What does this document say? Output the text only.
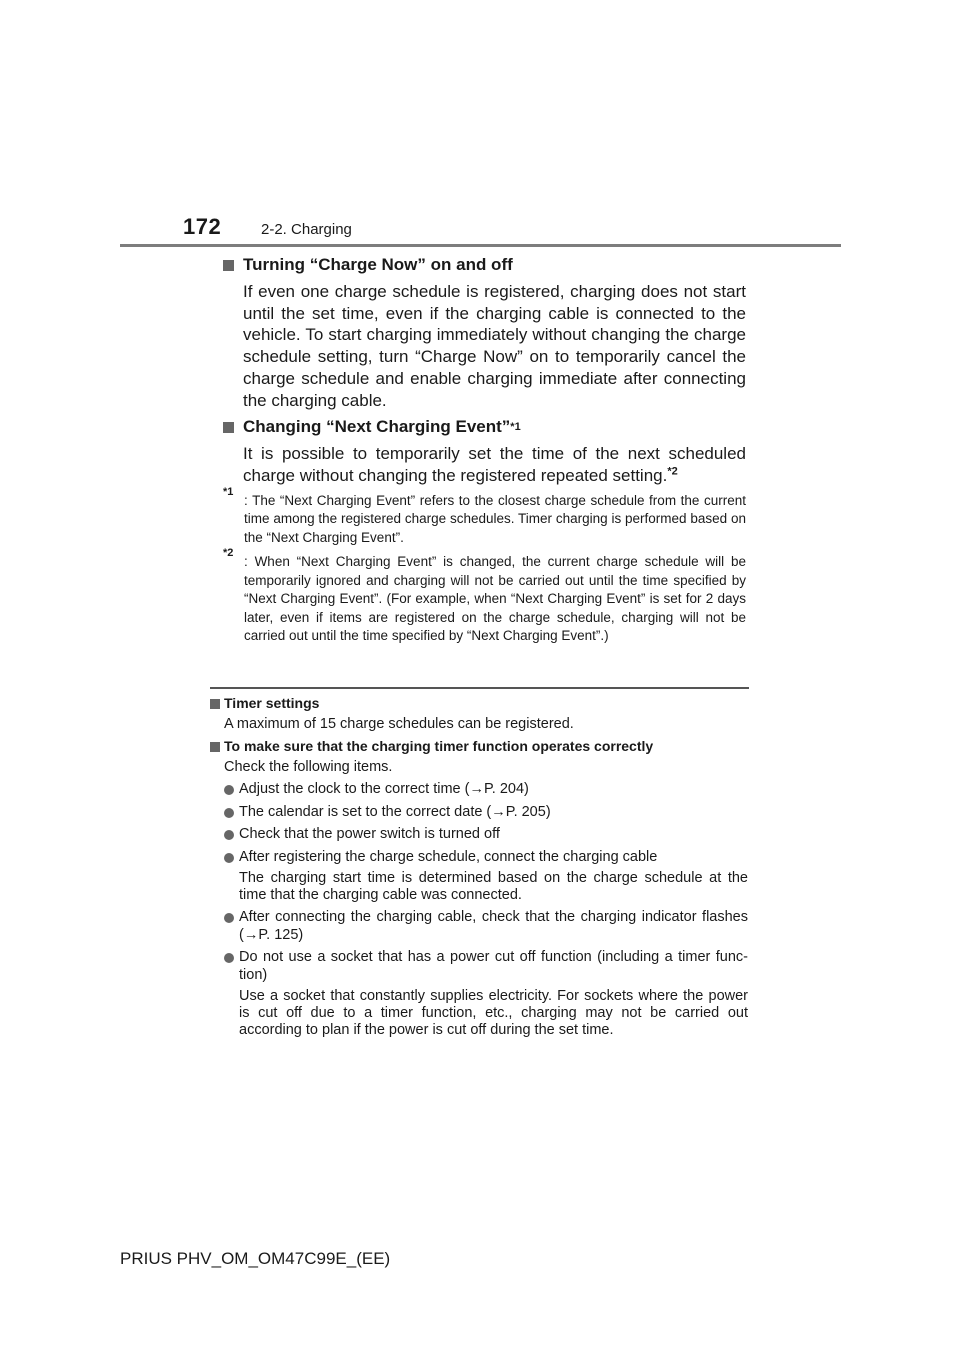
172	2-2. Charging
Turning “Charge Now” on and off

If even one charge schedule is registered, charging does not start until the set time, even if the charging cable is connected to the vehicle. To start charging immediately without changing the charge schedule setting, turn “Charge Now” on to temporarily cancel the charge schedule and enable charging immediate after connecting the charging cable.

Changing “Next Charging Event” *1

It is possible to temporarily set the time of the next scheduled charge without changing the registered repeated setting.$^{*2}$

*1
: The “Next Charging Event” refers to the closest charge schedule from the current time among the registered charge schedules. Timer charging is performed based on the “Next Charging Event”.
*2
: When “Next Charging Event” is changed, the current charge schedule will be temporarily ignored and charging will not be carried out until the time specified by “Next Charging Event”. (For example, when “Next Charging Event” is set for 2 days later, even if items are registered on the charge schedule, charging will not be carried out until the time specified by “Next Charging Event”.)
Timer settings
A maximum of 15 charge schedules can be registered.
To make sure that the charging timer function operates correctly
Check the following items.
Adjust the clock to the correct time (→P. 204)
The calendar is set to the correct date (→P. 205)
Check that the power switch is turned off
After registering the charge schedule, connect the charging cable
The charging start time is determined based on the charge schedule at the time that the charging cable was connected.
After connecting the charging cable, check that the charging indicator flashes (→P. 125)
Do not use a socket that has a power cut off function (including a timer func- tion)
Use a socket that constantly supplies electricity. For sockets where the power is cut off due to a timer function, etc., charging may not be carried out according to plan if the power is cut off during the set time.
PRIUS PHV_OM_OM47C99E_(EE)
